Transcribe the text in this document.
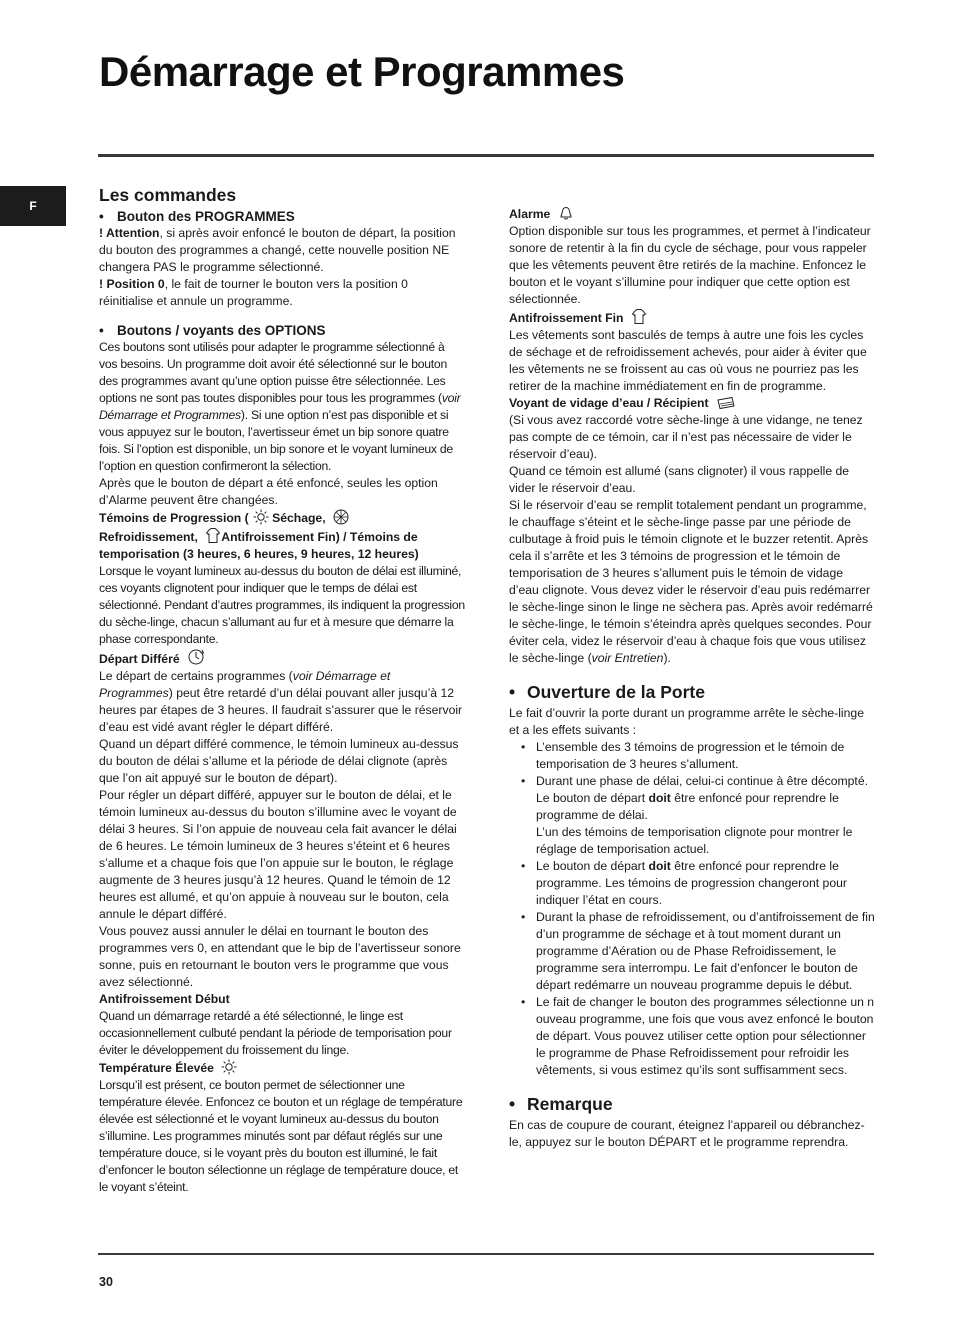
Démarrage et Programmes
F
Les commandes
• Bouton des PROGRAMMES

! Attention, si après avoir enfoncé le bouton de départ, la position du bouton des programmes a changé, cette nouvelle position NE changera PAS le programme sélectionné.

! Position 0, le fait de tourner le bouton vers la position 0 réinitialise et annule un programme.

• Boutons / voyants des OPTIONS

Ces boutons sont utilisés pour adapter le programme sélectionné à vos besoins. Un programme doit avoir été sélectionné sur le bouton des programmes avant qu’une option puisse être sélectionnée. Les options ne sont pas toutes disponibles pour tous les programmes (voir Démarrage et Programmes). Si une option n’est pas disponible et si vous appuyez sur le bouton, l’avertisseur émet un bip sonore quatre fois. Si l’option est disponible, un bip sonore et le voyant lumineux de l’option en question confirmeront la sélection.

Après que le bouton de départ a été enfoncé, seules les option d’Alarme peuvent être changées.

Témoins de Progression ( Séchage,

Refroidissement, Antifroissement Fin) / Témoins de temporisation (3 heures, 6 heures, 9 heures, 12 heures)

Lorsque le voyant lumineux au-dessus du bouton de délai est illuminé, ces voyants clignotent pour indiquer que le temps de délai est sélectionné. Pendant d’autres programmes, ils indiquent la progression du sèche-linge, chacun s’allumant au fur et à mesure que démarre la phase correspondante.

Départ Différé

Le départ de certains programmes (voir Démarrage et Programmes) peut être retardé d’un délai pouvant aller jusqu’à 12 heures par étapes de 3 heures. Il faudrait s’assurer que le réservoir d’eau est vidé avant régler le départ différé.

Quand un départ différé commence, le témoin lumineux au-dessus du bouton de délai s’allume et la période de délai clignote (après que l’on ait appuyé sur le bouton de départ).

Pour régler un départ différé, appuyer sur le bouton de délai, et le témoin lumineux au-dessus du bouton s’illumine avec le voyant de délai 3 heures. Si l’on appuie de nouveau cela fait avancer le délai de 6 heures. Le témoin lumineux de 3 heures s’éteint et 6 heures s’allume et a chaque fois que l’on appuie sur le bouton, le réglage augmente de 3 heures jusqu’à 12 heures. Quand le témoin de 12 heures est allumé, et qu’on appuie à nouveau sur le bouton, cela annule le départ différé.

Vous pouvez aussi annuler le délai en tournant le bouton des programmes vers 0, en attendant que le bip de l’avertisseur sonore sonne, puis en retournant le bouton vers le programme que vous avez sélectionné.

Antifroissement Début

Quand un démarrage retardé a été sélectionné, le linge est occasionnellement culbuté pendant la période de temporisation pour éviter le développement du froissement du linge.

Température Élevée

Lorsqu’il est présent, ce bouton permet de sélectionner une température élevée. Enfoncez ce bouton et un réglage de température élevée est sélectionné et le voyant lumineux au-dessus du bouton s’illumine. Les programmes minutés sont par défaut réglés sur une température douce, si le voyant près du bouton est illuminé, le fait d’enfoncer le bouton sélectionne un réglage de température douce, et le voyant s’éteint.

Alarme

Option disponible sur tous les programmes, et permet à l’indicateur sonore de retentir à la fin du cycle de séchage, pour vous rappeler que les vêtements peuvent être retirés de la machine. Enfoncez le bouton et le voyant s’illumine pour indiquer que cette option est sélectionnée.

Antifroissement Fin

Les vêtements sont basculés de temps à autre une fois les cycles de séchage et de refroidissement achevés, pour aider à éviter que les vêtements ne se froissent au cas où vous ne pourriez pas les retirer de la machine immédiatement en fin de programme.

Voyant de vidage d’eau / Récipient

(Si vous avez raccordé votre sèche-linge à une vidange, ne tenez pas compte de ce témoin, car il n’est pas nécessaire de vider le réservoir d’eau).

Quand ce témoin est allumé (sans clignoter) il vous rappelle de vider le réservoir d’eau.

Si le réservoir d’eau se remplit totalement pendant un programme, le chauffage s’éteint et le sèche-linge passe par une période de culbutage à froid puis le témoin clignote et le buzzer retentit. Après cela il s’arrête et les 3 témoins de progression et le témoin de temporisation de 3 heures s’allument puis le témoin de vidage d’eau clignote. Vous devez vider le réservoir d’eau puis redémarrer le sèche-linge sinon le linge ne sèchera pas. Après avoir redémarré le sèche-linge, le témoin s’éteindra après quelques secondes. Pour éviter cela, videz le réservoir d’eau à chaque fois que vous utilisez le sèche-linge (voir Entretien).

• Ouverture de la Porte

Le fait d’ouvrir la porte durant un programme arrête le sèche-linge et a les effets suivants :

• L’ensemble des 3 témoins de progression et le témoin de temporisation de 3 heures s’allument.
• Durant une phase de délai, celui-ci continue à être décompté. Le bouton de départ doit être enfoncé pour reprendre le programme de délai.
L’un des témoins de temporisation clignote pour montrer le réglage de temporisation actuel.
• Le bouton de départ doit être enfoncé pour reprendre le programme. Les témoins de progression changeront pour indiquer l’état en cours.
• Durant la phase de refroidissement, ou d’antifroissement de fin d’un programme de séchage et à tout moment durant un programme d’Aération ou de Phase Refroidissement, le programme sera interrompu. Le fait d’enfoncer le bouton de départ redémarre un nouveau programme depuis le début.
• Le fait de changer le bouton des programmes sélectionne un n ouveau programme, une fois que vous avez enfoncé le bouton de départ. Vous pouvez utiliser cette option pour sélectionner le programme de Phase Refroidissement pour refroidir les vêtements, si vous estimez qu’ils sont suffisamment secs.
• Remarque

En cas de coupure de courant, éteignez l’appareil ou débranchez-le, appuyez sur le bouton DÉPART et le programme reprendra.

30
